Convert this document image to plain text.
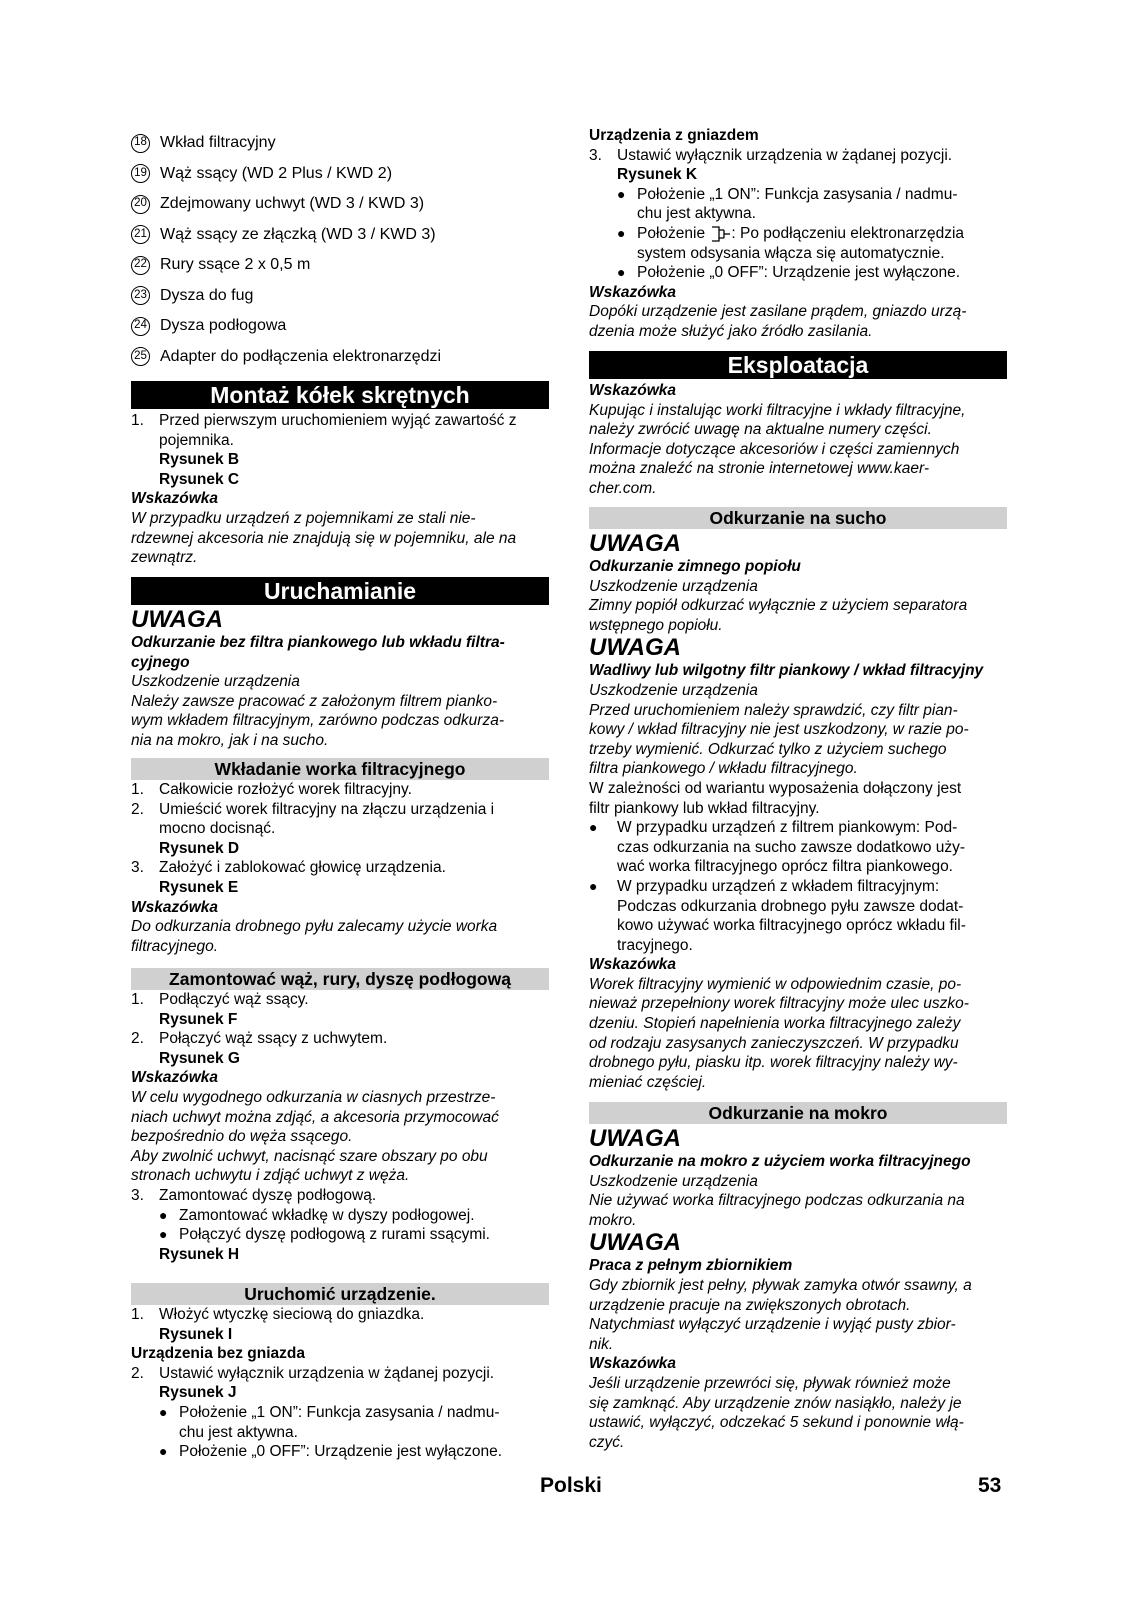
18 Wkład filtracyjny
19 Wąż ssący (WD 2 Plus / KWD 2)
20 Zdejmowany uchwyt (WD 3 / KWD 3)
21 Wąż ssący ze złączką (WD 3 / KWD 3)
22 Rury ssące 2 x 0,5 m
23 Dysza do fug
24 Dysza podłogowa
25 Adapter do podłączenia elektronarzędzi
Montaż kółek skrętnych
1. Przed pierwszym uruchomieniem wyjąć zawartość z
pojemnika.
Rysunek B
Rysunek C
Wskazówka
W przypadku urządzeń z pojemnikami ze stali nie-
rdzewnej akcesoria nie znajdują się w pojemniku, ale na
zewnątrz.
Uruchamianie
UWAGA
Odkurzanie bez filtra piankowego lub wkładu filtra-
cyjnego
Uszkodzenie urządzenia
Należy zawsze pracować z założonym filtrem pianko-
wym wkładem filtracyjnym, zarówno podczas odkurza-
nia na mokro, jak i na sucho.
Wkładanie worka filtracyjnego
1. Całkowicie rozłożyć worek filtracyjny.
2. Umieścić worek filtracyjny na złączu urządzenia i
mocno docisnąć.
Rysunek D
3. Założyć i zablokować głowicę urządzenia.
Rysunek E
Wskazówka
Do odkurzania drobnego pyłu zalecamy użycie worka
filtracyjnego.
Zamontować wąż, rury, dyszę podłogową
1. Podłączyć wąż ssący.
Rysunek F
2. Połączyć wąż ssący z uchwytem.
Rysunek G
Wskazówka
W celu wygodnego odkurzania w ciasnych przestrze-
niach uchwyt można zdjąć, a akcesoria przymocować
bezpośrednio do węża ssącego.
Aby zwolnić uchwyt, nacisnąć szare obszary po obu
stronach uchwytu i zdjąć uchwyt z węża.
3. Zamontować dyszę podłogową.
● Zamontować wkładkę w dyszy podłogowej.
● Połączyć dyszę podłogową z rurami ssącymi.
Rysunek H
Uruchomić urządzenie.
1. Włożyć wtyczkę sieciową do gniazdka.
Rysunek I
Urządzenia bez gniazda
2. Ustawić wyłącznik urządzenia w żądanej pozycji.
Rysunek J
● Położenie „1 ON”: Funkcja zasysania / nadmu-
chu jest aktywna.
● Położenie „0 OFF”: Urządzenie jest wyłączone.
Urządzenia z gniazdem
3. Ustawić wyłącznik urządzenia w żądanej pozycji.
Rysunek K
● Położenie „1 ON”: Funkcja zasysania / nadmu-
chu jest aktywna.
● Położenie : Po podłączeniu elektronarzędzia
system odsysania włącza się automatycznie.
● Położenie „0 OFF”: Urządzenie jest wyłączone.
Wskazówka
Dopóki urządzenie jest zasilane prądem, gniazdo urzą-
dzenia może służyć jako źródło zasilania.
Eksploatacja
Wskazówka
Kupując i instalując worki filtracyjne i wkłady filtracyjne,
należy zwrócić uwagę na aktualne numery części.
Informacje dotyczące akcesoriów i części zamiennych
można znaleźć na stronie internetowej www.kaer-
cher.com.
Odkurzanie na sucho
UWAGA
Odkurzanie zimnego popiołu
Uszkodzenie urządzenia
Zimny popiół odkurzać wyłącznie z użyciem separatora
wstępnego popiołu.
UWAGA
Wadliwy lub wilgotny filtr piankowy / wkład filtracyjny
Uszkodzenie urządzenia
Przed uruchomieniem należy sprawdzić, czy filtr pian-
kowy / wkład filtracyjny nie jest uszkodzony, w razie po-
trzeby wymienić. Odkurzać tylko z użyciem suchego
filtra piankowego / wkładu filtracyjnego.
W zależności od wariantu wyposażenia dołączony jest
filtr piankowy lub wkład filtracyjny.
●	W przypadku urządzeń z filtrem piankowym: Pod-
czas odkurzania na sucho zawsze dodatkowo uży-
wać worka filtracyjnego oprócz filtra piankowego.
●	W przypadku urządzeń z wkładem filtracyjnym:
Podczas odkurzania drobnego pyłu zawsze dodat-
kowo używać worka filtracyjnego oprócz wkładu fil-
tracyjnego.
Wskazówka
Worek filtracyjny wymienić w odpowiednim czasie, po-
nieważ przepełniony worek filtracyjny może ulec uszko-
dzeniu. Stopień napełnienia worka filtracyjnego zależy
od rodzaju zasysanych zanieczyszczeń. W przypadku
drobnego pyłu, piasku itp. worek filtracyjny należy wy-
mieniać częściej.
Odkurzanie na mokro
UWAGA
Odkurzanie na mokro z użyciem worka filtracyjnego
Uszkodzenie urządzenia
Nie używać worka filtracyjnego podczas odkurzania na
mokro.
UWAGA
Praca z pełnym zbiornikiem
Gdy zbiornik jest pełny, pływak zamyka otwór ssawny, a
urządzenie pracuje na zwiększonych obrotach.
Natychmiast wyłączyć urządzenie i wyjąć pusty zbior-
nik.
Wskazówka
Jeśli urządzenie przewróci się, pływak również może
się zamknąć. Aby urządzenie znów nasiąkło, należy je
ustawić, wyłączyć, odczekać 5 sekund i ponownie włą-
czyć.
Polski	53
